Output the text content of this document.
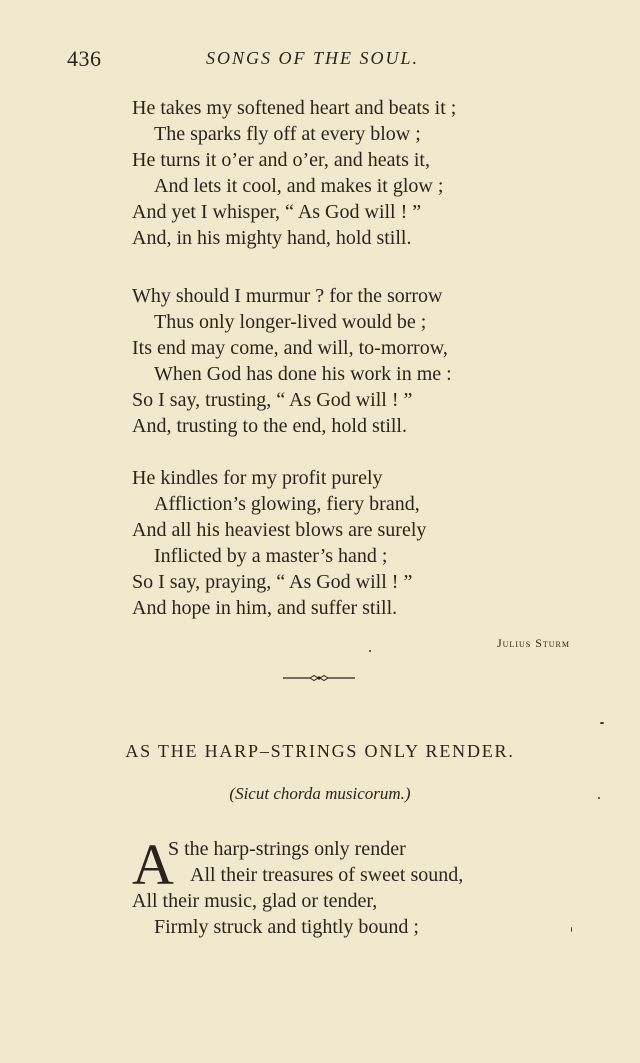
436	SONGS OF THE SOUL.
He takes my softened heart and beats it ;
The sparks fly off at every blow ;
He turns it o’er and o’er, and heats it,
And lets it cool, and makes it glow ;
And yet I whisper, “ As God will ! ”
And, in his mighty hand, hold still.
Why should I murmur ? for the sorrow
Thus only longer-lived would be ;
Its end may come, and will, to-morrow,
When God has done his work in me :
So I say, trusting, “ As God will ! ”
And, trusting to the end, hold still.
He kindles for my profit purely
Affliction’s glowing, fiery brand,
And all his heaviest blows are surely
Inflicted by a master’s hand ;
So I say, praying, “ As God will ! ”
And hope in him, and suffer still.
Julius Sturm
AS THE HARP–STRINGS ONLY RENDER.
(Sicut chorda musicorum.)
A
S the harp-strings only render
All their treasures of sweet sound,
All their music, glad or tender,
Firmly struck and tightly bound ;
